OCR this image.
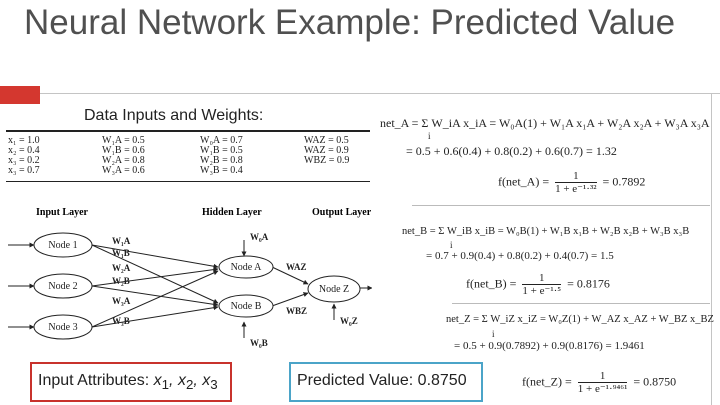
Neural Network Example: Predicted Value
Data Inputs and Weights:
x₁ = 1.0	W₁A = 0.5	W₀A = 0.7	WAZ = 0.5
x₂ = 0.4	W₁B = 0.6	W₁B = 0.5	WAZ = 0.9
x₃ = 0.2	W₂A = 0.8	W₂B = 0.8	WBZ = 0.9
x₃ = 0.7	W₃A = 0.6	W₃B = 0.4	
Input Layer	Hidden Layer	Output Layer
Node 1
Node 2
Node 3
Node A
Node B
Node Z
W₁A
W₁B
W₂A
W₂B
W₃A
W₃B
W₀A
W₀B
WAZ
WBZ
W₀Z
net_A = Σ W_iA x_iA = W₀A(1) + W₁A x₁A + W₂A x₂A + W₃A x₃A
i
= 0.5 + 0.6(0.4) + 0.8(0.2) + 0.6(0.7) = 1.32
f(net_A) = $\frac{1}{\text{1 + e⁻¹·³²}} = 0.7892$
net_B = Σ W_iB x_iB = W₀B(1) + W₁B x₁B + W₂B x₂B + W₃B x₃B
i
= 0.7 + 0.9(0.4) + 0.8(0.2) + 0.4(0.7) = 1.5
f(net_B) = $\frac{1}{\text{1 + e⁻¹·⁵}} = 0.8176$
net_Z = Σ W_iZ x_iZ = W₀Z(1) + W_AZ x_AZ + W_BZ x_BZ
i
= 0.5 + 0.9(0.7892) + 0.9(0.8176) = 1.9461
f(net_Z) = $\frac{1}{\text{1 + e⁻¹·⁹⁴⁶¹}} = 0.8750$
Input Attributes: $x_1$, $x_2$, $x_3$	Predicted Value: 0.8750
